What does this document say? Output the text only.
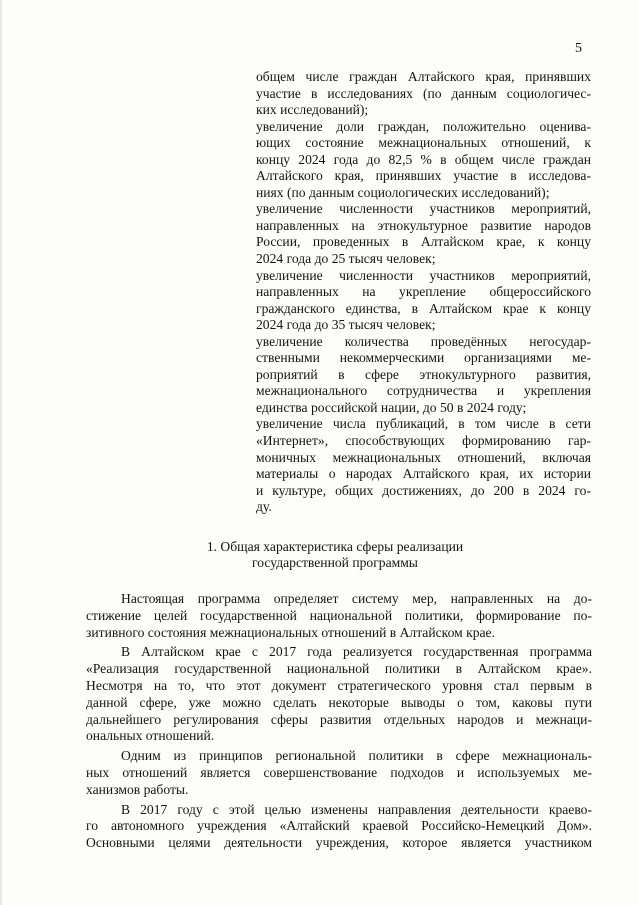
5
общем числе граждан Алтайского края, принявших
участие в исследованиях (по данным социологичес-
ких исследований);
увеличение доли граждан, положительно оценива-
ющих состояние межнациональных отношений, к
концу 2024 года до 82,5 % в общем числе граждан
Алтайского края, принявших участие в исследова-
ниях (по данным социологических исследований);
увеличение численности участников мероприятий,
направленных на этнокультурное развитие народов
России, проведенных в Алтайском крае, к концу
2024 года до 25 тысяч человек;
увеличение численности участников мероприятий,
направленных на укрепление общероссийского
гражданского единства, в Алтайском крае к концу
2024 года до 35 тысяч человек;
увеличение количества проведённых негосудар-
ственными некоммерческими организациями ме-
роприятий в сфере этнокультурного развития,
межнационального сотрудничества и укрепления
единства российской нации, до 50 в 2024 году;
увеличение числа публикаций, в том числе в сети
«Интернет», способствующих формированию гар-
моничных межнациональных отношений, включая
материалы о народах Алтайского края, их истории
и культуре, общих достижениях, до 200 в 2024 го-
ду.
1. Общая характеристика сферы реализации
государственной программы
Настоящая программа определяет систему мер, направленных на до-
стижение целей государственной национальной политики, формирование по-
зитивного состояния межнациональных отношений в Алтайском крае.
В Алтайском крае с 2017 года реализуется государственная программа
«Реализация государственной национальной политики в Алтайском крае».
Несмотря на то, что этот документ стратегического уровня стал первым в
данной сфере, уже можно сделать некоторые выводы о том, каковы пути
дальнейшего регулирования сферы развития отдельных народов и межнаци-
ональных отношений.
Одним из принципов региональной политики в сфере межнациональ-
ных отношений является совершенствование подходов и используемых ме-
ханизмов работы.
В 2017 году с этой целью изменены направления деятельности краево-
го автономного учреждения «Алтайский краевой Российско-Немецкий Дом».
Основными целями деятельности учреждения, которое является участником
